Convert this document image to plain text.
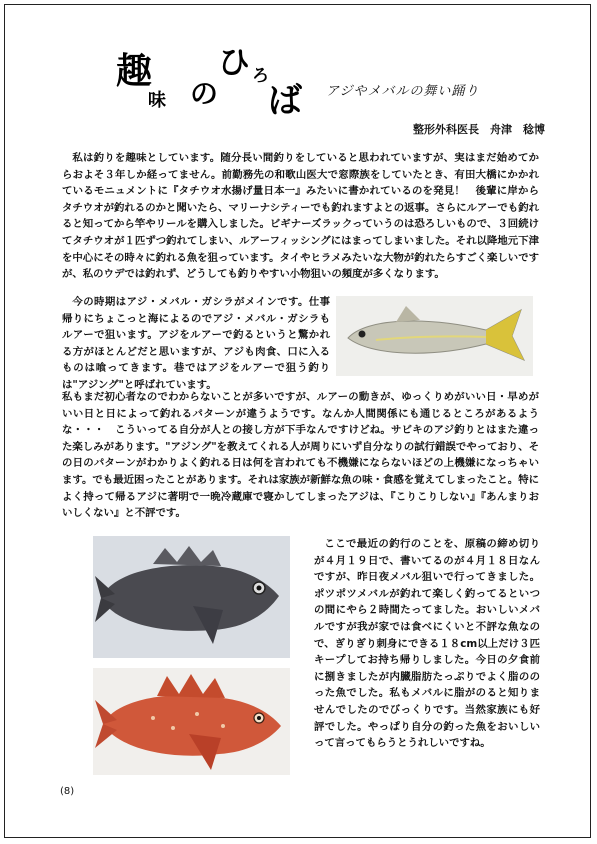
趣
味 の
ひ ろ
ば アジやメバルの舞い踊り
整形外科医長　舟津　稔博

私は釣りを趣味としています。随分長い間釣りをしていると思われていますが、実はまだ始めてからおよそ３年しか経ってません。前勤務先の和歌山医大で窓際族をしていたとき、有田大橋にかかれているモニュメントに『タチウオ水揚げ量日本一』みたいに書かれているのを発見！　後輩に岸からタチウオが釣れるのかと聞いたら、マリーナシティーでも釣れますよとの返事。さらにルアーでも釣れると知ってから竿やリールを購入しました。ビギナーズラックっていうのは恐ろしいもので、３回続けてタチウオが１匹ずつ釣れてしまい、ルアーフィッシングにはまってしまいました。それ以降地元下津を中心にその時々に釣れる魚を狙っています。タイやヒラメみたいな大物が釣れたらすごく楽しいですが、私のウデでは釣れず、どうしても釣りやすい小物狙いの頻度が多くなります。

今の時期はアジ・メバル・ガシラがメインです。仕事帰りにちょこっと海によるのでアジ・メバル・ガシラもルアーで狙います。アジをルアーで釣るというと驚かれる方がほとんどだと思いますが、アジも肉食、口に入るものは喰ってきます。巷ではアジをルアーで狙う釣りは"アジング"と呼ばれています。

私もまだ初心者なのでわからないことが多いですが、ルアーの動きが、ゆっくりめがいい日・早めがいい日と日によって釣れるパターンが違うようです。なんか人間関係にも通じるところがあるような・・・　こういってる自分が人との接し方が下手なんですけどね。サビキのアジ釣りとはまた違った楽しみがあります。"アジング"を教えてくれる人が周りにいず自分なりの試行錯誤でやっており、その日のパターンがわかりよく釣れる日は何を言われても不機嫌にならないほどの上機嫌になっちゃいます。でも最近困ったことがあります。それは家族が新鮮な魚の味・食感を覚えてしまったこと。特によく持って帰るアジに著明で一晩冷蔵庫で寝かしてしまったアジは、『こりこりしない』『あんまりおいしくない』と不評です。

ここで最近の釣行のことを、原稿の締め切りが４月１９日で、書いてるのが４月１８日なんですが、昨日夜メバル狙いで行ってきました。ポツポツメバルが釣れて楽しく釣ってるといつの間にやら２時間たってました。おいしいメバルですが我が家では食べにくいと不評な魚なので、ぎりぎり刺身にできる１８cm以上だけ３匹キープしてお持ち帰りしました。今日の夕食前に捌きましたが内臓脂肪たっぷりでよく脂ののった魚でした。私もメバルに脂がのると知りませんでしたのでびっくりです。当然家族にも好評でした。やっぱり自分の釣った魚をおいしいって言ってもらうとうれしいですね。

(8)
